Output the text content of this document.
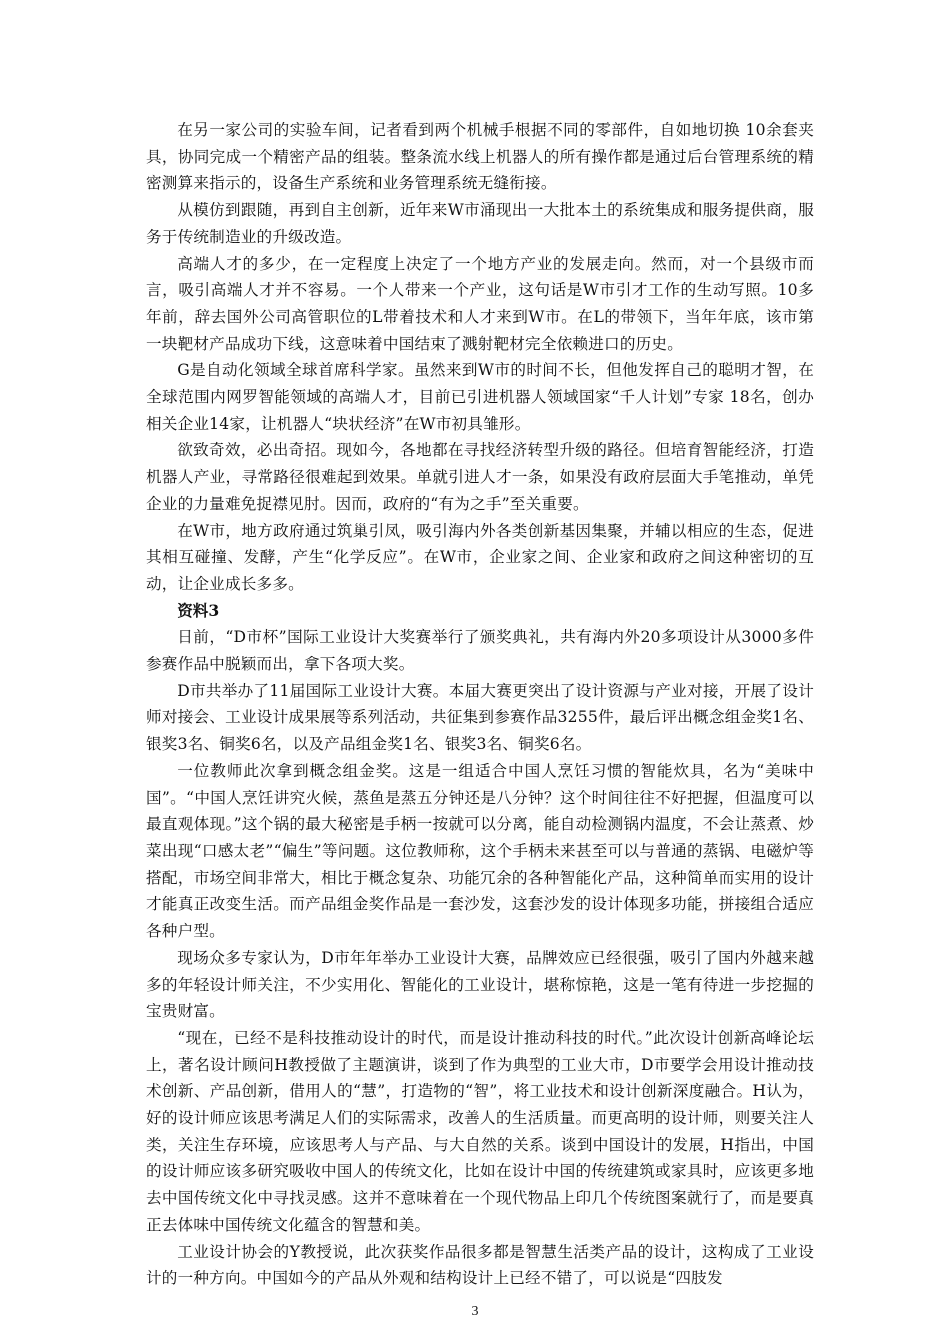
在另一家公司的实验车间，记者看到两个机械手根据不同的零部件，自如地切换 10余套夹具，协同完成一个精密产品的组装。整条流水线上机器人的所有操作都是通过后台管理系统的精密测算来指示的，设备生产系统和业务管理系统无缝衔接。

从模仿到跟随，再到自主创新，近年来W市涌现出一大批本土的系统集成和服务提供商，服务于传统制造业的升级改造。

高端人才的多少，在一定程度上决定了一个地方产业的发展走向。然而，对一个县级市而言，吸引高端人才并不容易。一个人带来一个产业，这句话是W市引才工作的生动写照。10多年前，辞去国外公司高管职位的L带着技术和人才来到W市。在L的带领下，当年年底，该市第一块靶材产品成功下线，这意味着中国结束了溅射靶材完全依赖进口的历史。

G是自动化领域全球首席科学家。虽然来到W市的时间不长，但他发挥自己的聪明才智，在全球范围内网罗智能领域的高端人才，目前已引进机器人领域国家“千人计划”专家 18名，创办相关企业14家，让机器人“块状经济”在W市初具雏形。

欲致奇效，必出奇招。现如今，各地都在寻找经济转型升级的路径。但培育智能经济，打造机器人产业，寻常路径很难起到效果。单就引进人才一条，如果没有政府层面大手笔推动，单凭企业的力量难免捉襟见肘。因而，政府的“有为之手”至关重要。

在W市，地方政府通过筑巢引凤，吸引海内外各类创新基因集聚，并辅以相应的生态，促进其相互碰撞、发酵，产生“化学反应”。在W市，企业家之间、企业家和政府之间这种密切的互动，让企业成长多多。

资料3

日前，“D市杯”国际工业设计大奖赛举行了颁奖典礼，共有海内外20多项设计从3000多件参赛作品中脱颖而出，拿下各项大奖。

D市共举办了11届国际工业设计大赛。本届大赛更突出了设计资源与产业对接，开展了设计师对接会、工业设计成果展等系列活动，共征集到参赛作品3255件，最后评出概念组金奖1名、银奖3名、铜奖6名，以及产品组金奖1名、银奖3名、铜奖6名。

一位教师此次拿到概念组金奖。这是一组适合中国人烹饪习惯的智能炊具，名为“美味中国”。“中国人烹饪讲究火候，蒸鱼是蒸五分钟还是八分钟？这个时间往往不好把握，但温度可以最直观体现。”这个锅的最大秘密是手柄一按就可以分离，能自动检测锅内温度，不会让蒸煮、炒菜出现“口感太老”“偏生”等问题。这位教师称，这个手柄未来甚至可以与普通的蒸锅、电磁炉等搭配，市场空间非常大，相比于概念复杂、功能冗余的各种智能化产品，这种简单而实用的设计才能真正改变生活。而产品组金奖作品是一套沙发，这套沙发的设计体现多功能，拼接组合适应各种户型。

现场众多专家认为，D市年年举办工业设计大赛，品牌效应已经很强，吸引了国内外越来越多的年轻设计师关注，不少实用化、智能化的工业设计，堪称惊艳，这是一笔有待进一步挖掘的宝贵财富。

“现在，已经不是科技推动设计的时代，而是设计推动科技的时代。”此次设计创新高峰论坛上，著名设计顾问H教授做了主题演讲，谈到了作为典型的工业大市，D市要学会用设计推动技术创新、产品创新，借用人的“慧”，打造物的“智”，将工业技术和设计创新深度融合。H认为，好的设计师应该思考满足人们的实际需求，改善人的生活质量。而更高明的设计师，则要关注人类，关注生存环境，应该思考人与产品、与大自然的关系。谈到中国设计的发展，H指出，中国的设计师应该多研究吸收中国人的传统文化，比如在设计中国的传统建筑或家具时，应该更多地去中国传统文化中寻找灵感。这并不意味着在一个现代物品上印几个传统图案就行了，而是要真正去体味中国传统文化蕴含的智慧和美。

工业设计协会的Y教授说，此次获奖作品很多都是智慧生活类产品的设计，这构成了工业设计的一种方向。中国如今的产品从外观和结构设计上已经不错了，可以说是“四肢发

3
